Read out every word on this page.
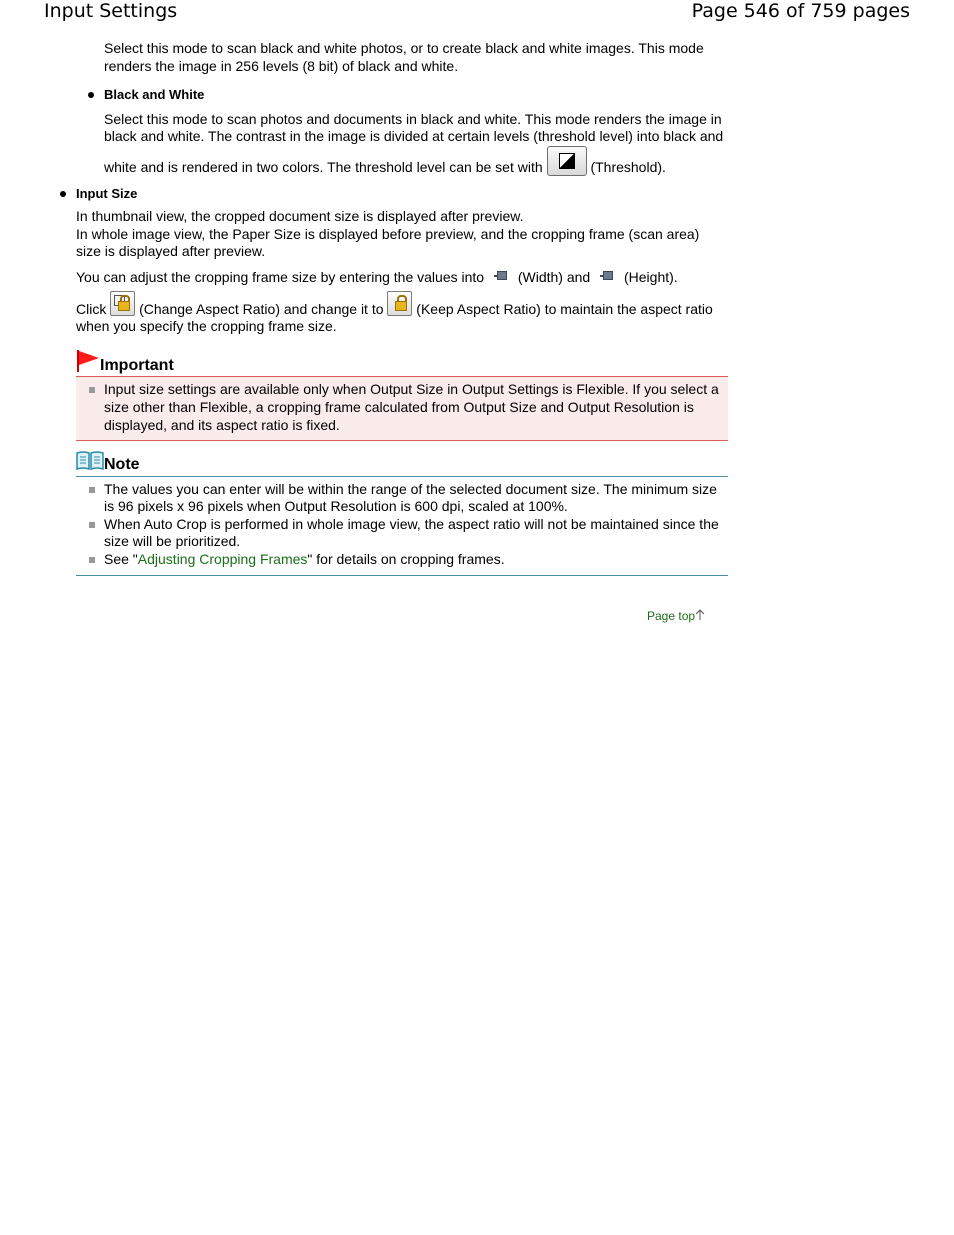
Input Settings	Page 546 of 759 pages

Select this mode to scan black and white photos, or to create black and white images. This mode renders the image in 256 levels (8 bit) of black and white.

Black and White

Select this mode to scan photos and documents in black and white. This mode renders the image in black and white. The contrast in the image is divided at certain levels (threshold level) into black and white and is rendered in two colors. The threshold level can be set with	(Threshold).

Input Size

In thumbnail view, the cropped document size is displayed after preview.

In whole image view, the Paper Size is displayed before preview, and the cropping frame (scan area) size is displayed after preview.

You can adjust the cropping frame size by entering the values into (Width) and (Height).

Click (Change Aspect Ratio) and change it to (Keep Aspect Ratio) to maintain the aspect ratio when you specify the cropping frame size.

Important
Input size settings are available only when Output Size in Output Settings is Flexible. If you select a size other than Flexible, a cropping frame calculated from Output Size and Output Resolution is displayed, and its aspect ratio is fixed.
Note
The values you can enter will be within the range of the selected document size. The minimum size is 96 pixels x 96 pixels when Output Resolution is 600 dpi, scaled at 100%.
When Auto Crop is performed in whole image view, the aspect ratio will not be maintained since the size will be prioritized.
See "Adjusting Cropping Frames" for details on cropping frames.
Page top
